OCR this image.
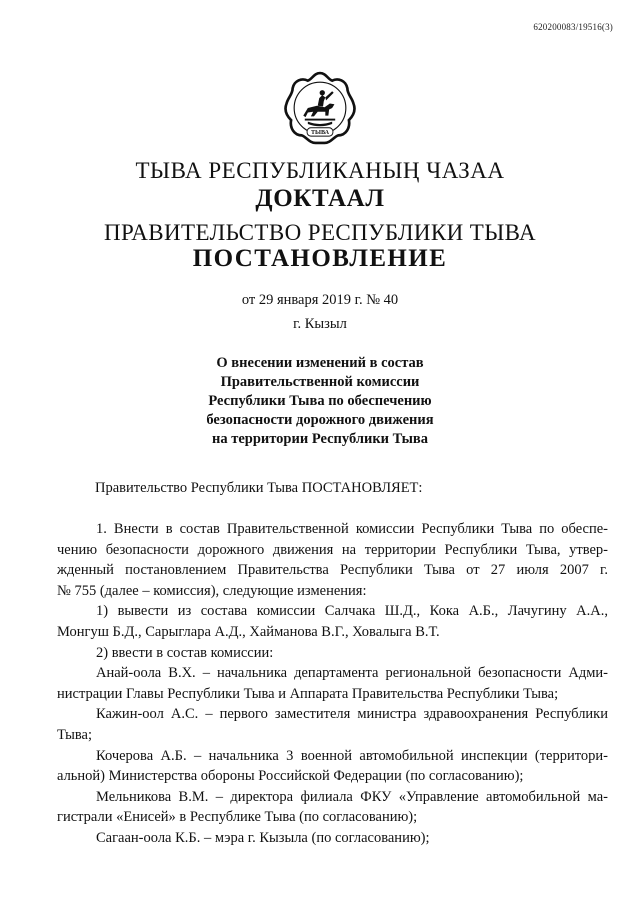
620200083/19516(3)
ТЫВА
ТЫВА РЕСПУБЛИКАНЫҢ ЧАЗАА
ДОКТААЛ
ПРАВИТЕЛЬСТВО РЕСПУБЛИКИ ТЫВА
ПОСТАНОВЛЕНИЕ
от 29 января 2019 г. № 40
г. Кызыл
О внесении изменений в состав
Правительственной комиссии
Республики Тыва по обеспечению
безопасности дорожного движения
на территории Республики Тыва
Правительство Республики Тыва ПОСТАНОВЛЯЕТ:
1. Внести в состав Правительственной комиссии Республики Тыва по обеспе-
чению безопасности дорожного движения на территории Республики Тыва, утвер-
жденный постановлением Правительства Республики Тыва от 27 июля 2007 г.
№ 755 (далее – комиссия), следующие изменения:
1) вывести из состава комиссии Салчака Ш.Д., Кока А.Б., Лачугину А.А.,
Монгуш Б.Д., Сарыглара А.Д., Хайманова В.Г., Ховалыга В.Т.
2) ввести в состав комиссии:
Анай-оола В.Х. – начальника департамента региональной безопасности Адми-
нистрации Главы Республики Тыва и Аппарата Правительства Республики Тыва;
Кажин-оол А.С. – первого заместителя министра здравоохранения Республики
Тыва;
Кочерова А.Б. – начальника 3 военной автомобильной инспекции (территори-
альной) Министерства обороны Российской Федерации (по согласованию);
Мельникова В.М. – директора филиала ФКУ «Управление автомобильной ма-
гистрали «Енисей» в Республике Тыва (по согласованию);
Сагаан-оола К.Б. – мэра г. Кызыла (по согласованию);
